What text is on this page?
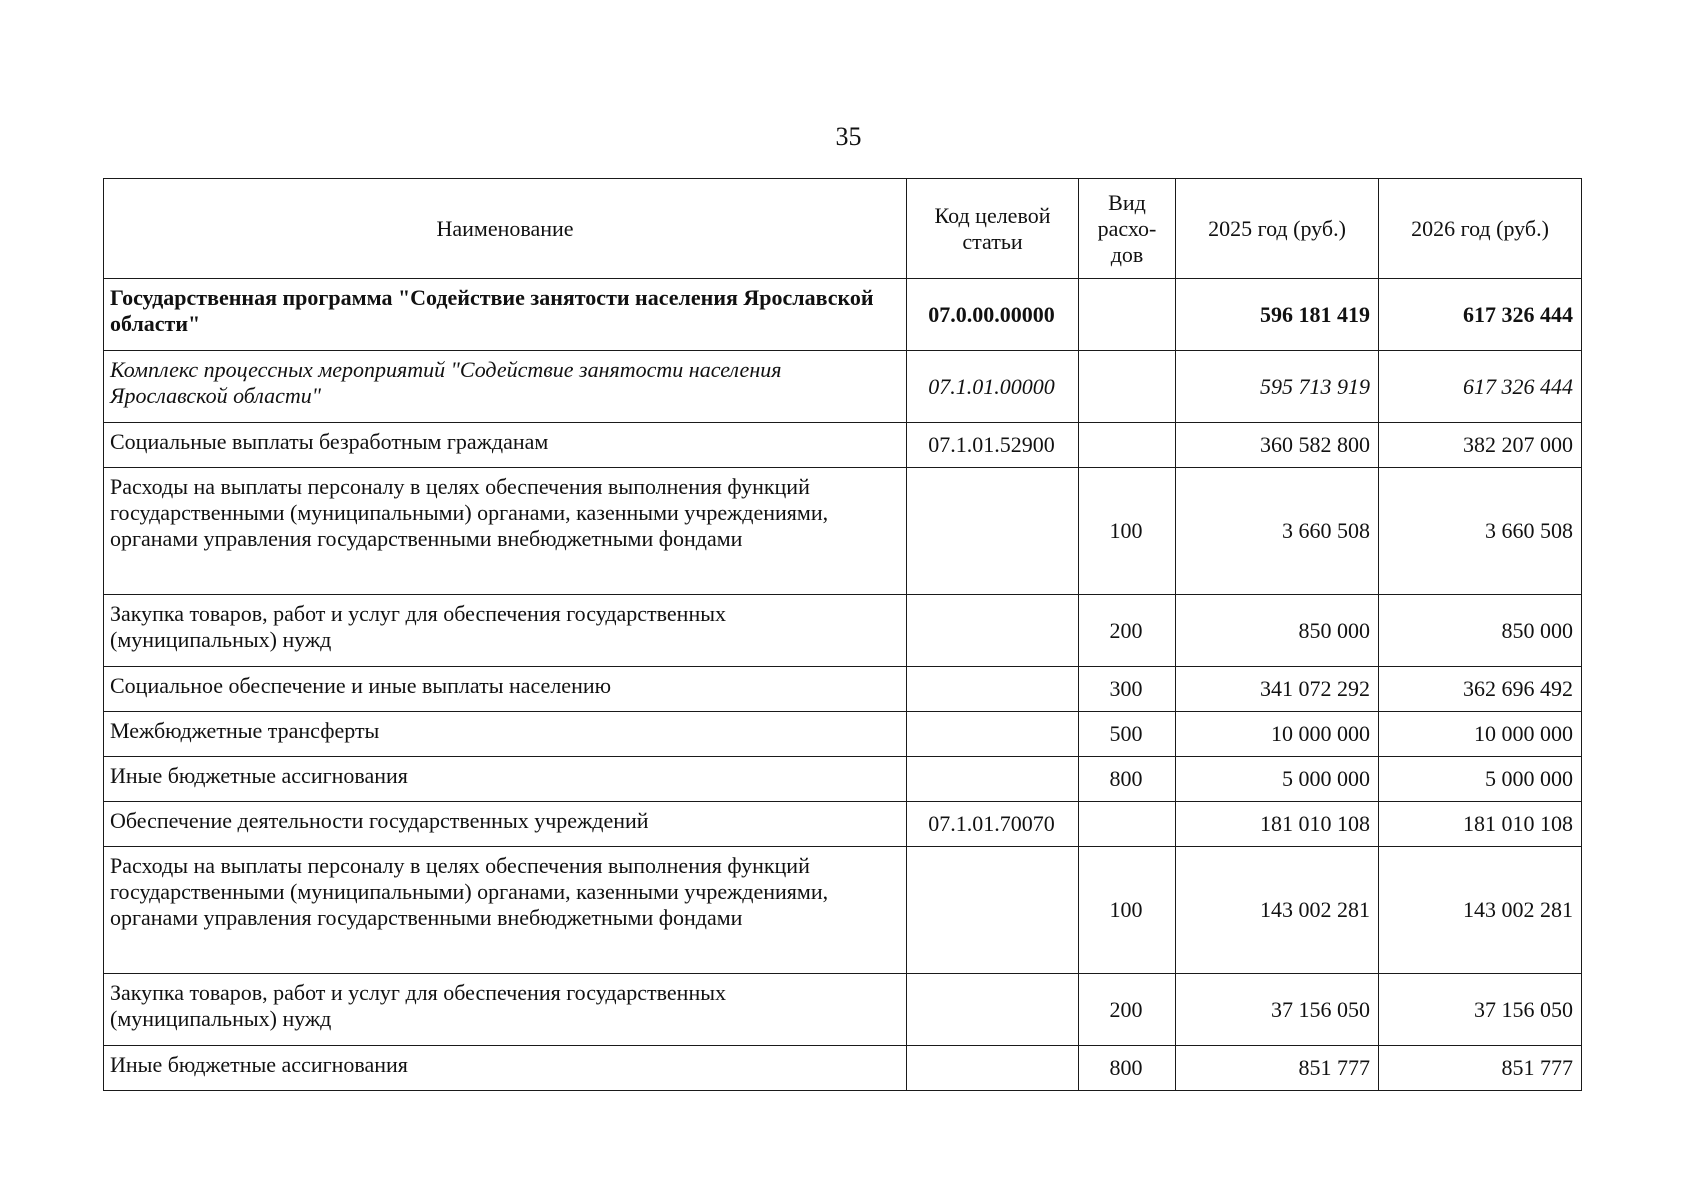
35
Наименование	Код целевой статьи	Вид расхо-дов	2025 год (руб.)	2026 год (руб.)
Государственная программа "Содействие занятости населения Ярославской области"	07.0.00.00000		596 181 419	617 326 444
Комплекс процессных мероприятий "Содействие занятости населения Ярославской области"	07.1.01.00000		595 713 919	617 326 444
Социальные выплаты безработным гражданам	07.1.01.52900		360 582 800	382 207 000
Расходы на выплаты персоналу в целях обеспечения выполнения функций государственными (муниципальными) органами, казенными учреждениями, органами управления государственными внебюджетными фондами		100	3 660 508	3 660 508
Закупка товаров, работ и услуг для обеспечения государственных (муниципальных) нужд		200	850 000	850 000
Социальное обеспечение и иные выплаты населению		300	341 072 292	362 696 492
Межбюджетные трансферты		500	10 000 000	10 000 000
Иные бюджетные ассигнования		800	5 000 000	5 000 000
Обеспечение деятельности государственных учреждений	07.1.01.70070		181 010 108	181 010 108
Расходы на выплаты персоналу в целях обеспечения выполнения функций государственными (муниципальными) органами, казенными учреждениями, органами управления государственными внебюджетными фондами		100	143 002 281	143 002 281
Закупка товаров, работ и услуг для обеспечения государственных (муниципальных) нужд		200	37 156 050	37 156 050
Иные бюджетные ассигнования		800	851 777	851 777
